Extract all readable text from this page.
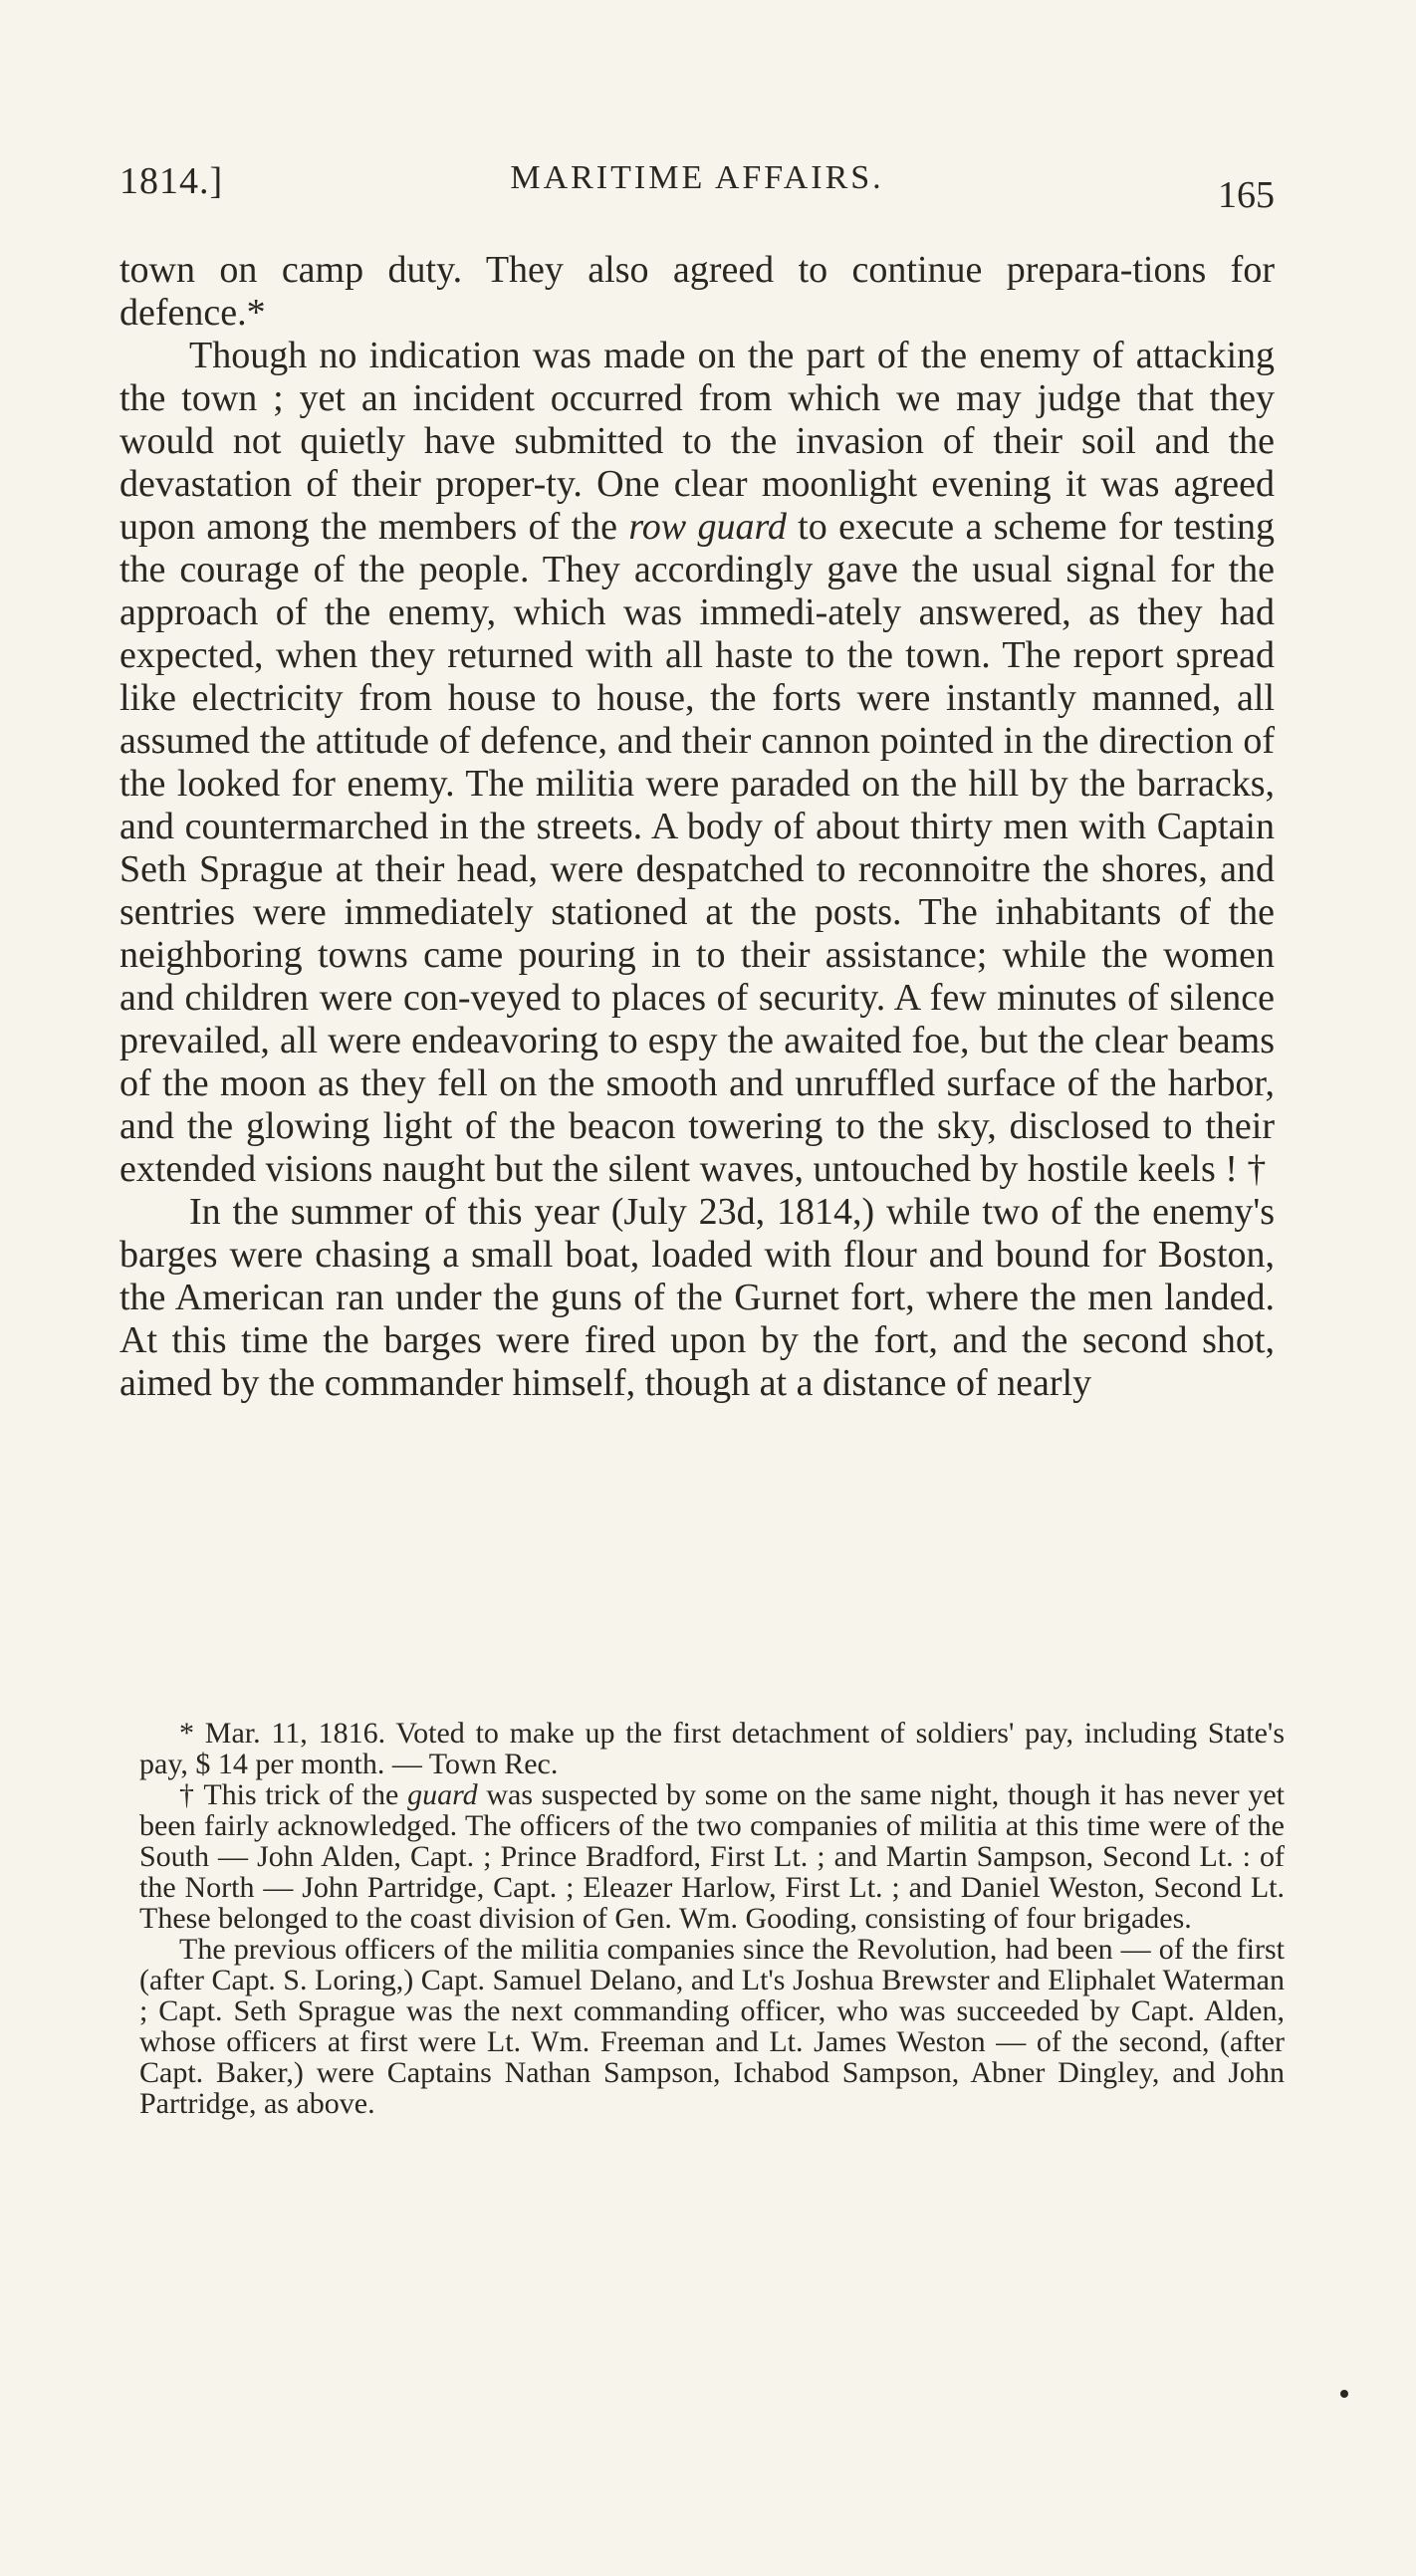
1814.]	MARITIME AFFAIRS.	165

town on camp duty. They also agreed to continue prepara-tions for defence.*

Though no indication was made on the part of the enemy of attacking the town ; yet an incident occurred from which we may judge that they would not quietly have submitted to the invasion of their soil and the devastation of their proper-ty. One clear moonlight evening it was agreed upon among the members of the row guard to execute a scheme for testing the courage of the people. They accordingly gave the usual signal for the approach of the enemy, which was immedi-ately answered, as they had expected, when they returned with all haste to the town. The report spread like electricity from house to house, the forts were instantly manned, all assumed the attitude of defence, and their cannon pointed in the direction of the looked for enemy. The militia were paraded on the hill by the barracks, and countermarched in the streets. A body of about thirty men with Captain Seth Sprague at their head, were despatched to reconnoitre the shores, and sentries were immediately stationed at the posts. The inhabitants of the neighboring towns came pouring in to their assistance; while the women and children were con-veyed to places of security. A few minutes of silence prevailed, all were endeavoring to espy the awaited foe, but the clear beams of the moon as they fell on the smooth and unruffled surface of the harbor, and the glowing light of the beacon towering to the sky, disclosed to their extended visions naught but the silent waves, untouched by hostile keels ! †

In the summer of this year (July 23d, 1814,) while two of the enemy's barges were chasing a small boat, loaded with flour and bound for Boston, the American ran under the guns of the Gurnet fort, where the men landed. At this time the barges were fired upon by the fort, and the second shot, aimed by the commander himself, though at a distance of nearly

* Mar. 11, 1816. Voted to make up the first detachment of soldiers' pay, including State's pay, $ 14 per month. — Town Rec.

† This trick of the guard was suspected by some on the same night, though it has never yet been fairly acknowledged. The officers of the two companies of militia at this time were of the South — John Alden, Capt. ; Prince Bradford, First Lt. ; and Martin Sampson, Second Lt. : of the North — John Partridge, Capt. ; Eleazer Harlow, First Lt. ; and Daniel Weston, Second Lt. These belonged to the coast division of Gen. Wm. Gooding, consisting of four brigades.

The previous officers of the militia companies since the Revolution, had been — of the first (after Capt. S. Loring,) Capt. Samuel Delano, and Lt's Joshua Brewster and Eliphalet Waterman ; Capt. Seth Sprague was the next commanding officer, who was succeeded by Capt. Alden, whose officers at first were Lt. Wm. Freeman and Lt. James Weston — of the second, (after Capt. Baker,) were Captains Nathan Sampson, Ichabod Sampson, Abner Dingley, and John Partridge, as above.
